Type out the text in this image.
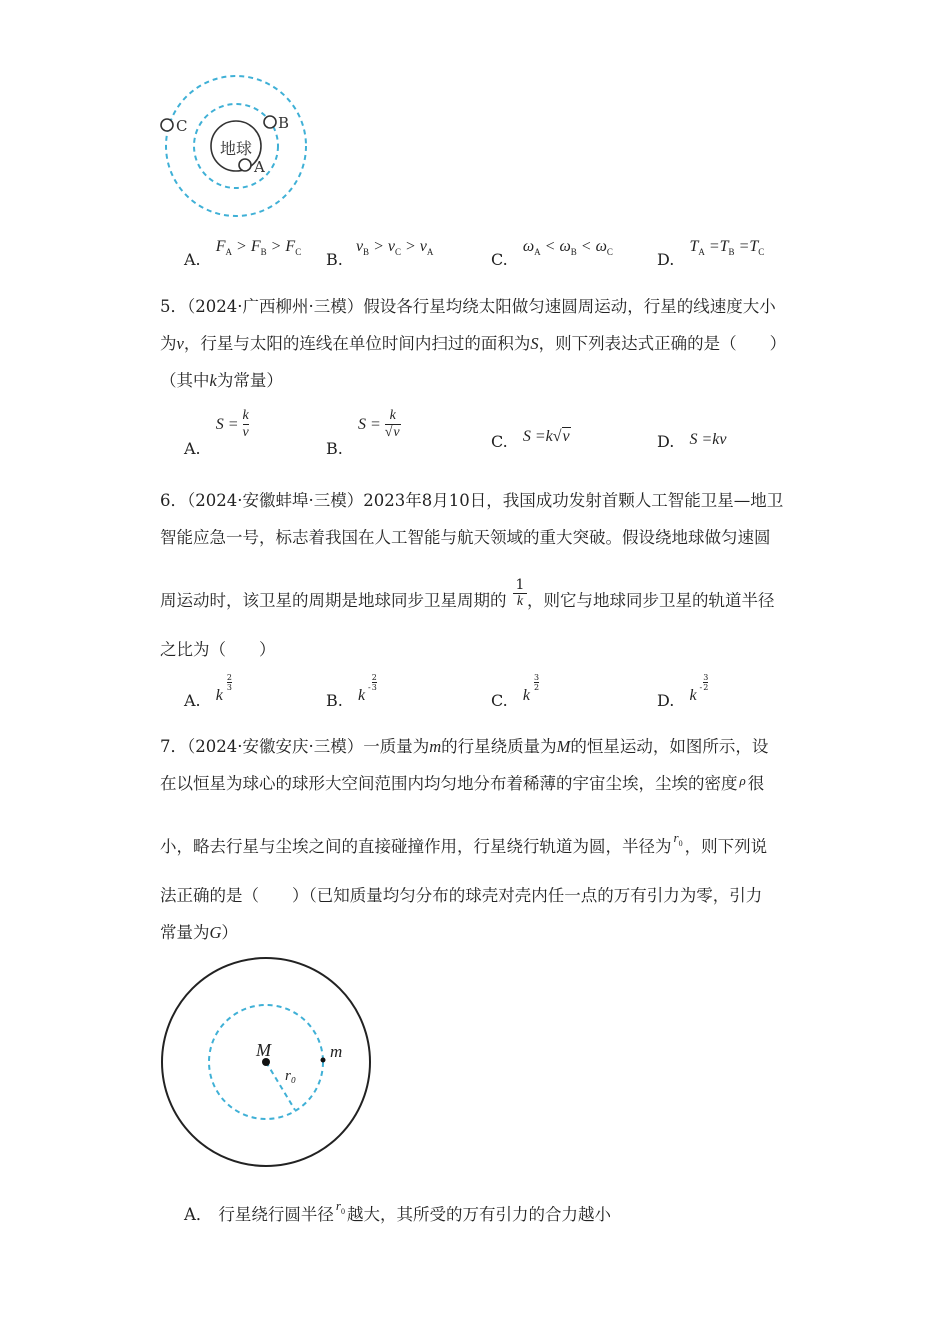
地球
A
B
C
A. $F_A > F_B > F_C$ B. $v_B > v_C > v_A$	C. $\omega_A < \omega_B < \omega_C$	D. $T_A =T_B =T_C$
5．（2024·广西柳州·三模）假设各行星均绕太阳做匀速圆周运动，行星的线速度大小
为v，行星与太阳的连线在单位时间内扫过的面积为S，则下列表达式正确的是（　　）
（其中k为常量）
A. $S = \frac{k}{v}$
B. $S = \frac{k}{√v}$
C. S =k√v	D. S =kv
6．（2024·安徽蚌埠·三模）2023年8月10日，我国成功发射首颗人工智能卫星—地卫
智能应急一号，标志着我国在人工智能与航天领域的重大突破。假设绕地球做匀速圆
周运动时，该卫星的周期是地球同步卫星周期的
1
k ，则它与地球同步卫星的轨道半径
之比为（　　）
A. k
$\frac{2}{3}$
B. k - $\frac{2}{3}$
C. k
$\frac{3}{2}$
D. k - $\frac{3}{2}$
7．（2024·安徽安庆·三模）一质量为m的行星绕质量为M的恒星运动，如图所示，设
在以恒星为球心的球形大空间范围内均匀地分布着稀薄的宇宙尘埃，尘埃的密度 $^\rho$ 很
小，略去行星与尘埃之间的直接碰撞作用，行星绕行轨道为圆，半径为 $^{r_0}$ ，则下列说
法正确的是（　　）（已知质量均匀分布的球壳对壳内任一点的万有引力为零，引力
常量为G）
M	m
r₀
A． 行星绕行圆半径 $^{r_0}$ 越大，其所受的万有引力的合力越小
